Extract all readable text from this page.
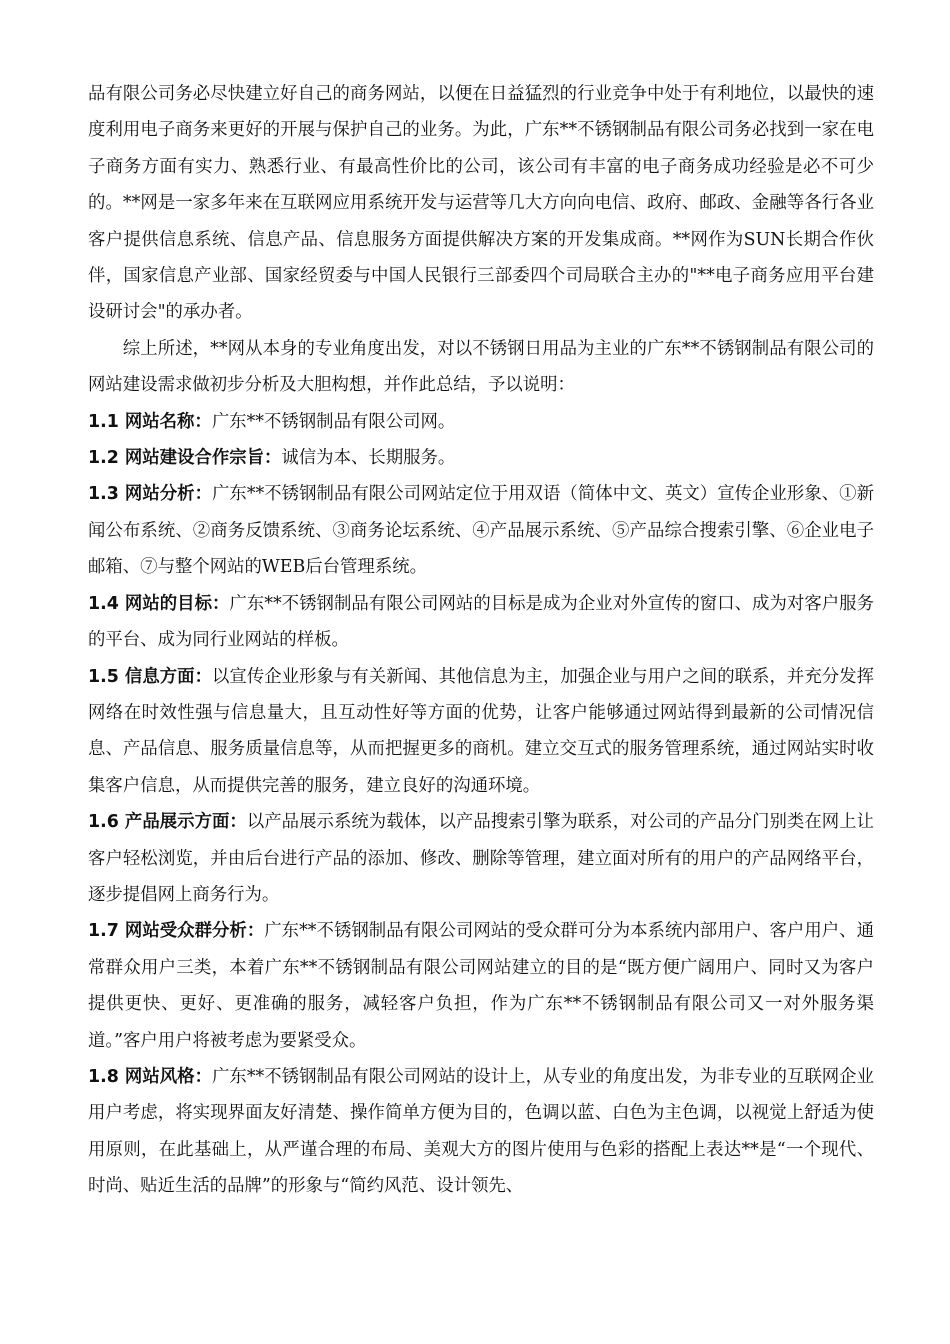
品有限公司务必尽快建立好自己的商务网站，以便在日益猛烈的行业竞争中处于有利地位，以最快的速度利用电子商务来更好的开展与保护自己的业务。为此，广东**不锈钢制品有限公司务必找到一家在电子商务方面有实力、熟悉行业、有最高性价比的公司，该公司有丰富的电子商务成功经验是必不可少的。**网是一家多年来在互联网应用系统开发与运营等几大方向向电信、政府、邮政、金融等各行各业客户提供信息系统、信息产品、信息服务方面提供解决方案的开发集成商。**网作为SUN长期合作伙伴，国家信息产业部、国家经贸委与中国人民银行三部委四个司局联合主办的"**电子商务应用平台建设研讨会"的承办者。

综上所述，**网从本身的专业角度出发，对以不锈钢日用品为主业的广东**不锈钢制品有限公司的网站建设需求做初步分析及大胆构想，并作此总结，予以说明：

1.1 网站名称：广东**不锈钢制品有限公司网。

1.2 网站建设合作宗旨：诚信为本、长期服务。

1.3 网站分析：广东**不锈钢制品有限公司网站定位于用双语（简体中文、英文）宣传企业形象、①新闻公布系统、②商务反馈系统、③商务论坛系统、④产品展示系统、⑤产品综合搜索引擎、⑥企业电子邮箱、⑦与整个网站的WEB后台管理系统。

1.4 网站的目标：广东**不锈钢制品有限公司网站的目标是成为企业对外宣传的窗口、成为对客户服务的平台、成为同行业网站的样板。

1.5 信息方面：以宣传企业形象与有关新闻、其他信息为主，加强企业与用户之间的联系，并充分发挥网络在时效性强与信息量大，且互动性好等方面的优势，让客户能够通过网站得到最新的公司情况信息、产品信息、服务质量信息等，从而把握更多的商机。建立交互式的服务管理系统，通过网站实时收集客户信息，从而提供完善的服务，建立良好的沟通环境。

1.6 产品展示方面：以产品展示系统为载体，以产品搜索引擎为联系，对公司的产品分门别类在网上让客户轻松浏览，并由后台进行产品的添加、修改、删除等管理，建立面对所有的用户的产品网络平台，逐步提倡网上商务行为。

1.7 网站受众群分析：广东**不锈钢制品有限公司网站的受众群可分为本系统内部用户、客户用户、通常群众用户三类，本着广东**不锈钢制品有限公司网站建立的目的是“既方便广阔用户、同时又为客户提供更快、更好、更准确的服务，减轻客户负担，作为广东**不锈钢制品有限公司又一对外服务渠道。”客户用户将被考虑为要紧受众。

1.8 网站风格：广东**不锈钢制品有限公司网站的设计上，从专业的角度出发，为非专业的互联网企业用户考虑，将实现界面友好清楚、操作简单方便为目的，色调以蓝、白色为主色调，以视觉上舒适为使用原则，在此基础上，从严谨合理的布局、美观大方的图片使用与色彩的搭配上表达**是“一个现代、时尚、贴近生活的品牌”的形象与“简约风范、设计领先、
